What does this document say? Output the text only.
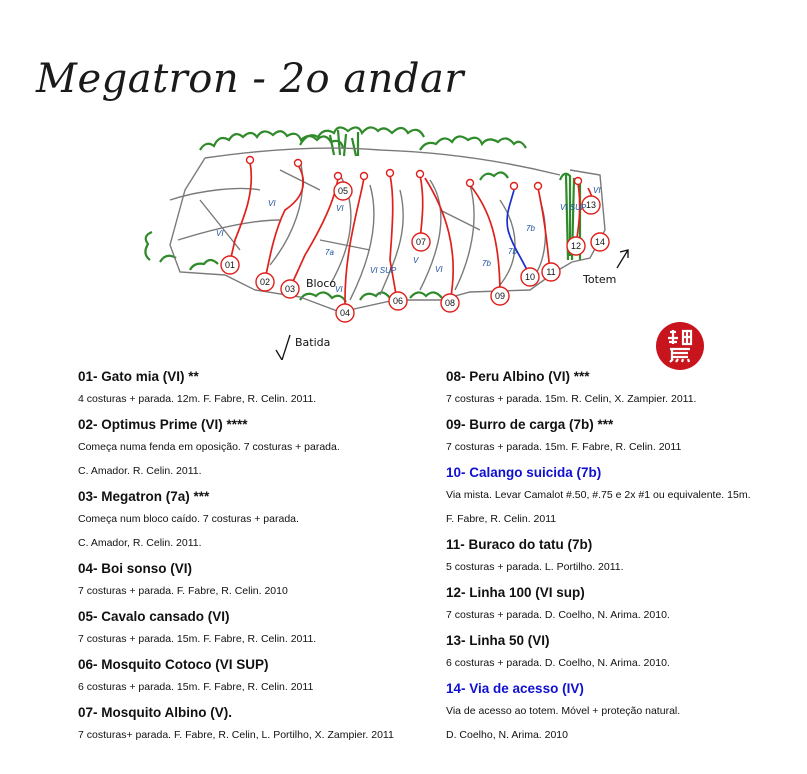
Megatron - 2o andar
01
02
03
04
05
06
07
08
09
10 11
12
13
14
VI
VI
VI
7a
VI
VI SUP
V
VI
7b
7b
7b
VI SUP
VI
Bloco
Batida
Totem
01- Gato mia (VI) **
4 costuras + parada. 12m. F. Fabre, R. Celin. 2011.
02- Optimus Prime (VI) ****
Começa numa fenda em oposição. 7 costuras + parada.
C. Amador. R. Celin. 2011.
03- Megatron (7a) ***
Começa num bloco caído. 7 costuras + parada.
C. Amador, R. Celin. 2011.
04- Boi sonso (VI)
7 costuras + parada. F. Fabre, R. Celin. 2010
05- Cavalo cansado (VI)
7 costuras + parada. 15m. F. Fabre, R. Celin. 2011.
06- Mosquito Cotoco (VI SUP)
6 costuras + parada. 15m. F. Fabre, R. Celin. 2011
07- Mosquito Albino (V).
7 costuras+ parada. F. Fabre, R. Celin, L. Portilho, X. Zampier. 2011
08- Peru Albino (VI) ***
7 costuras + parada. 15m. R. Celin, X. Zampier. 2011.
09- Burro de carga (7b) ***
7 costuras + parada. 15m. F. Fabre, R. Celin. 2011
10- Calango suicida (7b)
Via mista. Levar Camalot #.50, #.75 e 2x #1 ou equivalente. 15m.
F. Fabre, R. Celin. 2011
11- Buraco do tatu (7b)
5 costuras + parada. L. Portilho. 2011.
12- Linha 100 (VI sup)
7 costuras + parada. D. Coelho, N. Arima. 2010.
13- Linha 50 (VI)
6 costuras + parada. D. Coelho, N. Arima. 2010.
14- Via de acesso (IV)
Via de acesso ao totem. Móvel + proteção natural.
D. Coelho, N. Arima. 2010
